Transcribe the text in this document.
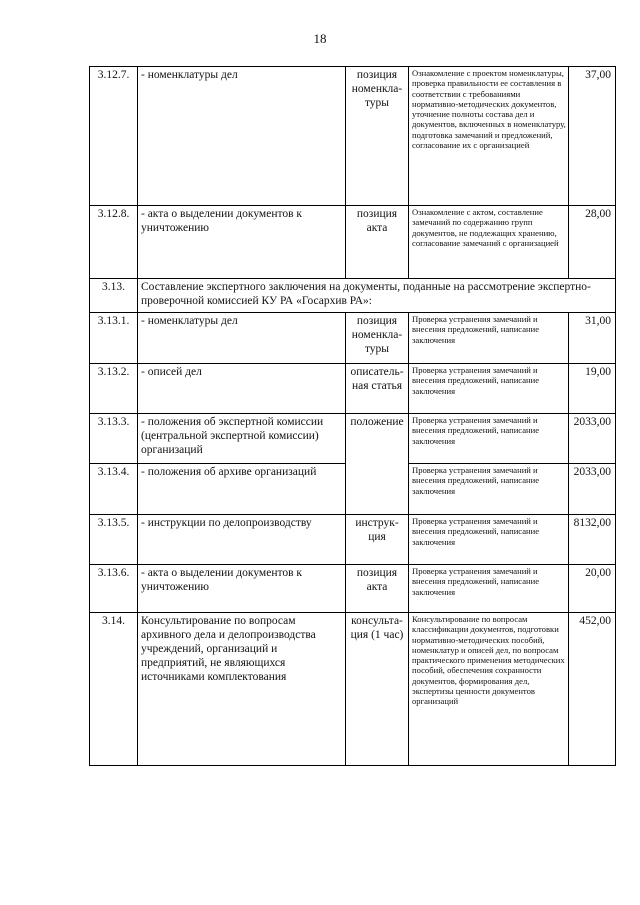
18
3.12.7.	- номенклатуры дел	позиция номенкла-туры	Ознакомление с проектом номенклатуры, проверка правильности ее составления в соответствии с требованиями нормативно-методических документов, уточнение полноты состава дел и документов, включенных в номенклатуру, подготовка замечаний и предложений, согласование их с организацией	37,00
3.12.8.	- акта о выделении документов к уничтожению	позиция акта	Ознакомление с актом, составление замечаний по содержанию групп документов, не подлежащих хранению, согласование замечаний с организацией	28,00
3.13.	Составление экспертного заключения на документы, поданные на рассмотрение экспертно-проверочной комиссией КУ РА «Госархив РА»:			
3.13.1.	- номенклатуры дел	позиция номенкла-туры	Проверка устранения замечаний и внесения предложений, написание заключения	31,00
3.13.2.	- описей дел	описатель-ная статья	Проверка устранения замечаний и внесения предложений, написание заключения	19,00
3.13.3.	- положения об экспертной комиссии (центральной экспертной комиссии) организаций	положение	Проверка устранения замечаний и внесения предложений, написание заключения	2033,00
3.13.4.	- положения об архиве организаций		Проверка устранения замечаний и внесения предложений, написание заключения	2033,00
3.13.5.	- инструкции по делопроизводству	инструк-ция	Проверка устранения замечаний и внесения предложений, написание заключения	8132,00
3.13.6.	- акта о выделении документов к уничтожению	позиция акта	Проверка устранения замечаний и внесения предложений, написание заключения	20,00
3.14.	Консультирование по вопросам архивного дела и делопроизводства учреждений, организаций и предприятий, не являющихся источниками комплектования	консульта-ция (1 час)	Консультирование по вопросам классификации документов, подготовки нормативно-методических пособий, номенклатур и описей дел, по вопросам практического применения методических пособий, обеспечения сохранности документов, формирования дел, экспертизы ценности документов организаций	452,00
